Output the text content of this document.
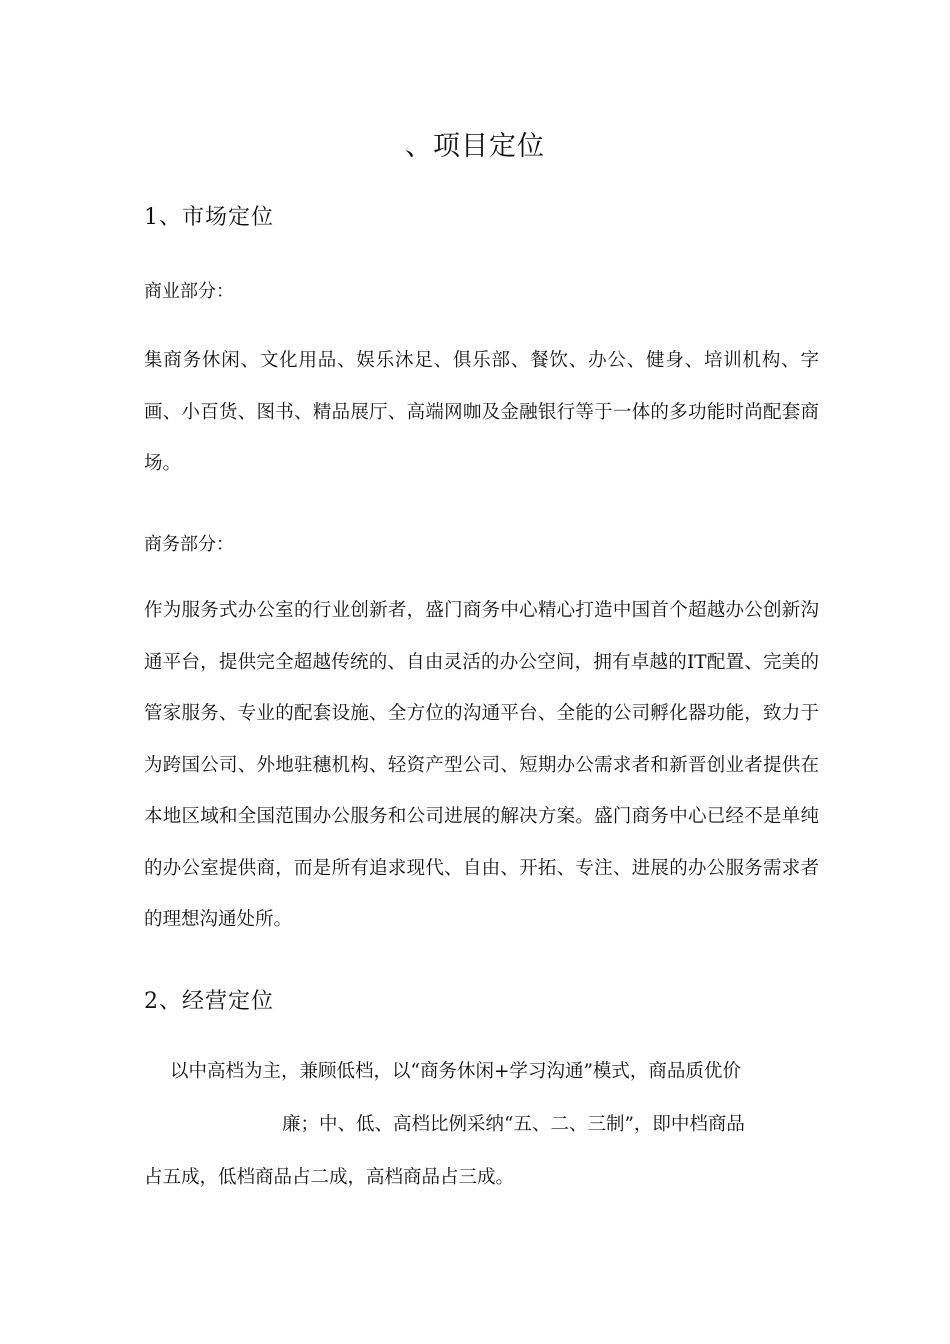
、项目定位
1、市场定位
商业部分：
集商务休闲、文化用品、娱乐沐足、俱乐部、餐饮、办公、健身、培训机构、字画、小百货、图书、精品展厅、高端网咖及金融银行等于一体的多功能时尚配套商场。
商务部分：
作为服务式办公室的行业创新者，盛门商务中心精心打造中国首个超越办公创新沟通平台，提供完全超越传统的、自由灵活的办公空间，拥有卓越的IT配置、完美的管家服务、专业的配套设施、全方位的沟通平台、全能的公司孵化器功能，致力于为跨国公司、外地驻穗机构、轻资产型公司、短期办公需求者和新晋创业者提供在本地区域和全国范围办公服务和公司进展的解决方案。盛门商务中心已经不是单纯的办公室提供商，而是所有追求现代、自由、开拓、专注、进展的办公服务需求者的理想沟通处所。
2、经营定位
以中高档为主，兼顾低档，以“商务休闲+学习沟通”模式，商品质优价
廉；中、低、高档比例采纳“五、二、三制”，即中档商品
占五成，低档商品占二成，高档商品占三成。
